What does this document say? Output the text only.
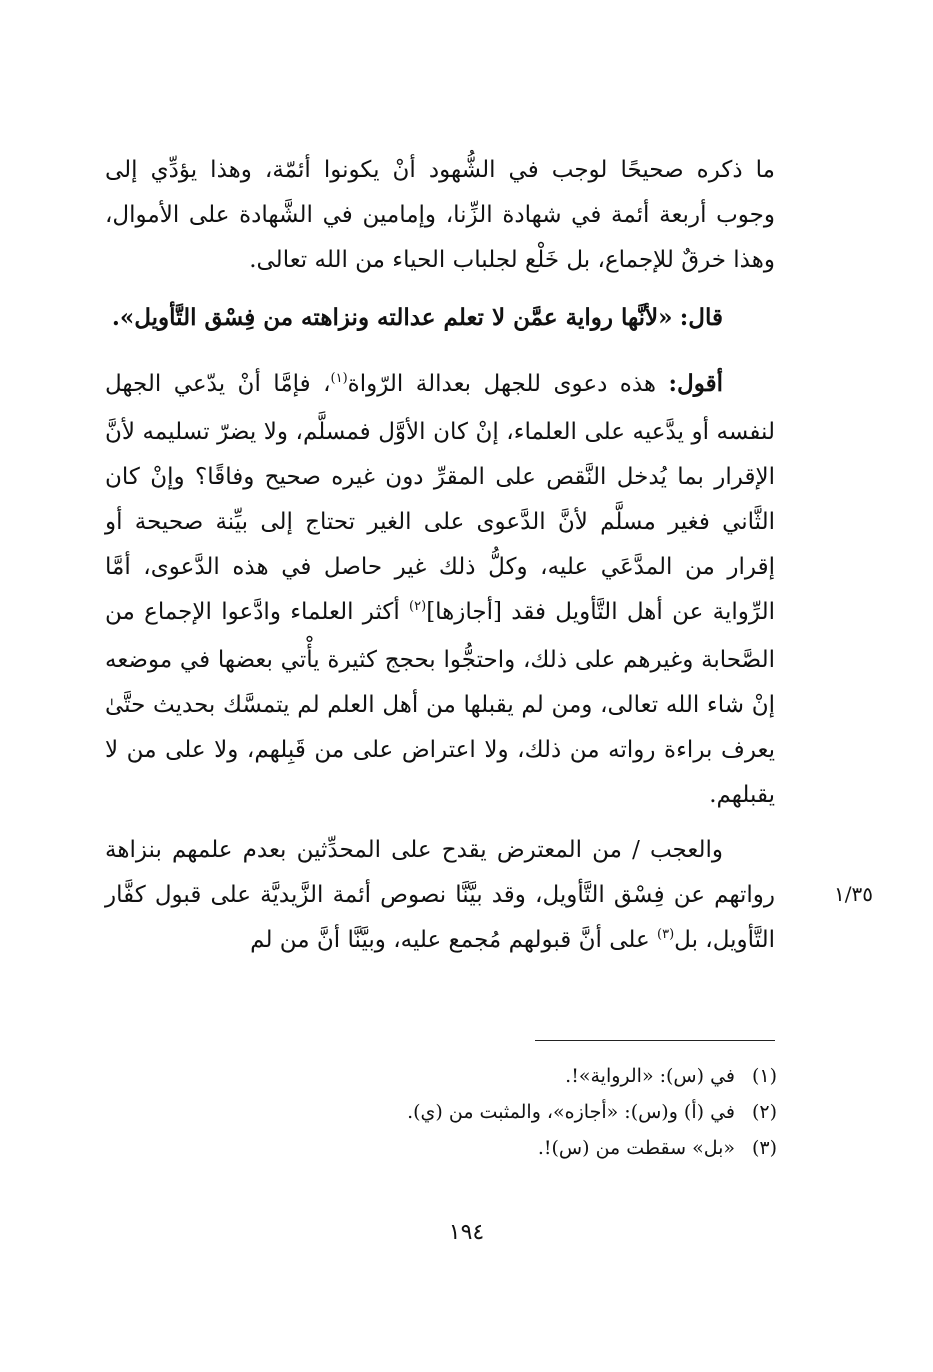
ما ذكره صحيحًا لوجب في الشُّهود أنْ يكونوا أئمّة، وهذا يؤدِّي إلى وجوب أربعة أئمة في شهادة الزِّنا، وإمامين في الشَّهادة على الأموال، وهذا خرقٌ للإجماع، بل خَلْع لجلباب الحياء من الله تعالى.

قال: «لأنَّها رواية عمَّن لا تعلم عدالته ونزاهته من فِسْق التَّأويل».

أقول: هذه دعوى للجهل بعدالة الرّواة$^{(١)}$، فإمَّا أنْ يدّعي الجهل لنفسه أو يدَّعيه على العلماء، إنْ كان الأوَّل فمسلَّم، ولا يضرّ تسليمه لأنَّ الإقرار بما يُدخل النَّقص على المقرِّ دون غيره صحيح وفاقًا؟ وإنْ كان الثَّاني فغير مسلَّم لأنَّ الدَّعوى على الغير تحتاج إلى بيِّنة صحيحة أو إقرار من المدَّعَي عليه، وكلُّ ذلك غير حاصل في هذه الدَّعوى، أمَّا الرِّواية عن أهل التَّأويل فقد [أجازها]$^{(٢)}$ أكثر العلماء وادَّعوا الإجماع من الصَّحابة وغيرهم على ذلك، واحتجُّوا بحجج كثيرة يأْتي بعضها في موضعه إنْ شاء الله تعالى، ومن لم يقبلها من أهل العلم لم يتمسَّك بحديث حتَّىٰ يعرف براءة رواته من ذلك، ولا اعتراض على من قَبِلهم، ولا على من لا يقبلهم.

والعجب / من المعترض يقدح على المحدِّثين بعدم علمهم بنزاهة رواتهم عن فِسْق التَّأويل، وقد بيَّنَّا نصوص أئمة الزَّيديَّة على قبول كفَّار التَّأويل، بل$^{(٣)}$ على أنَّ قبولهم مُجمع عليه، وبيَّنَّا أنَّ من لم

١/٣٥

(١)
في (س): «الرواية»!.

(٢)
في (أ) و(س): «أجازه»، والمثبت من (ي).

(٣)
«بل» سقطت من (س)!.

١٩٤
